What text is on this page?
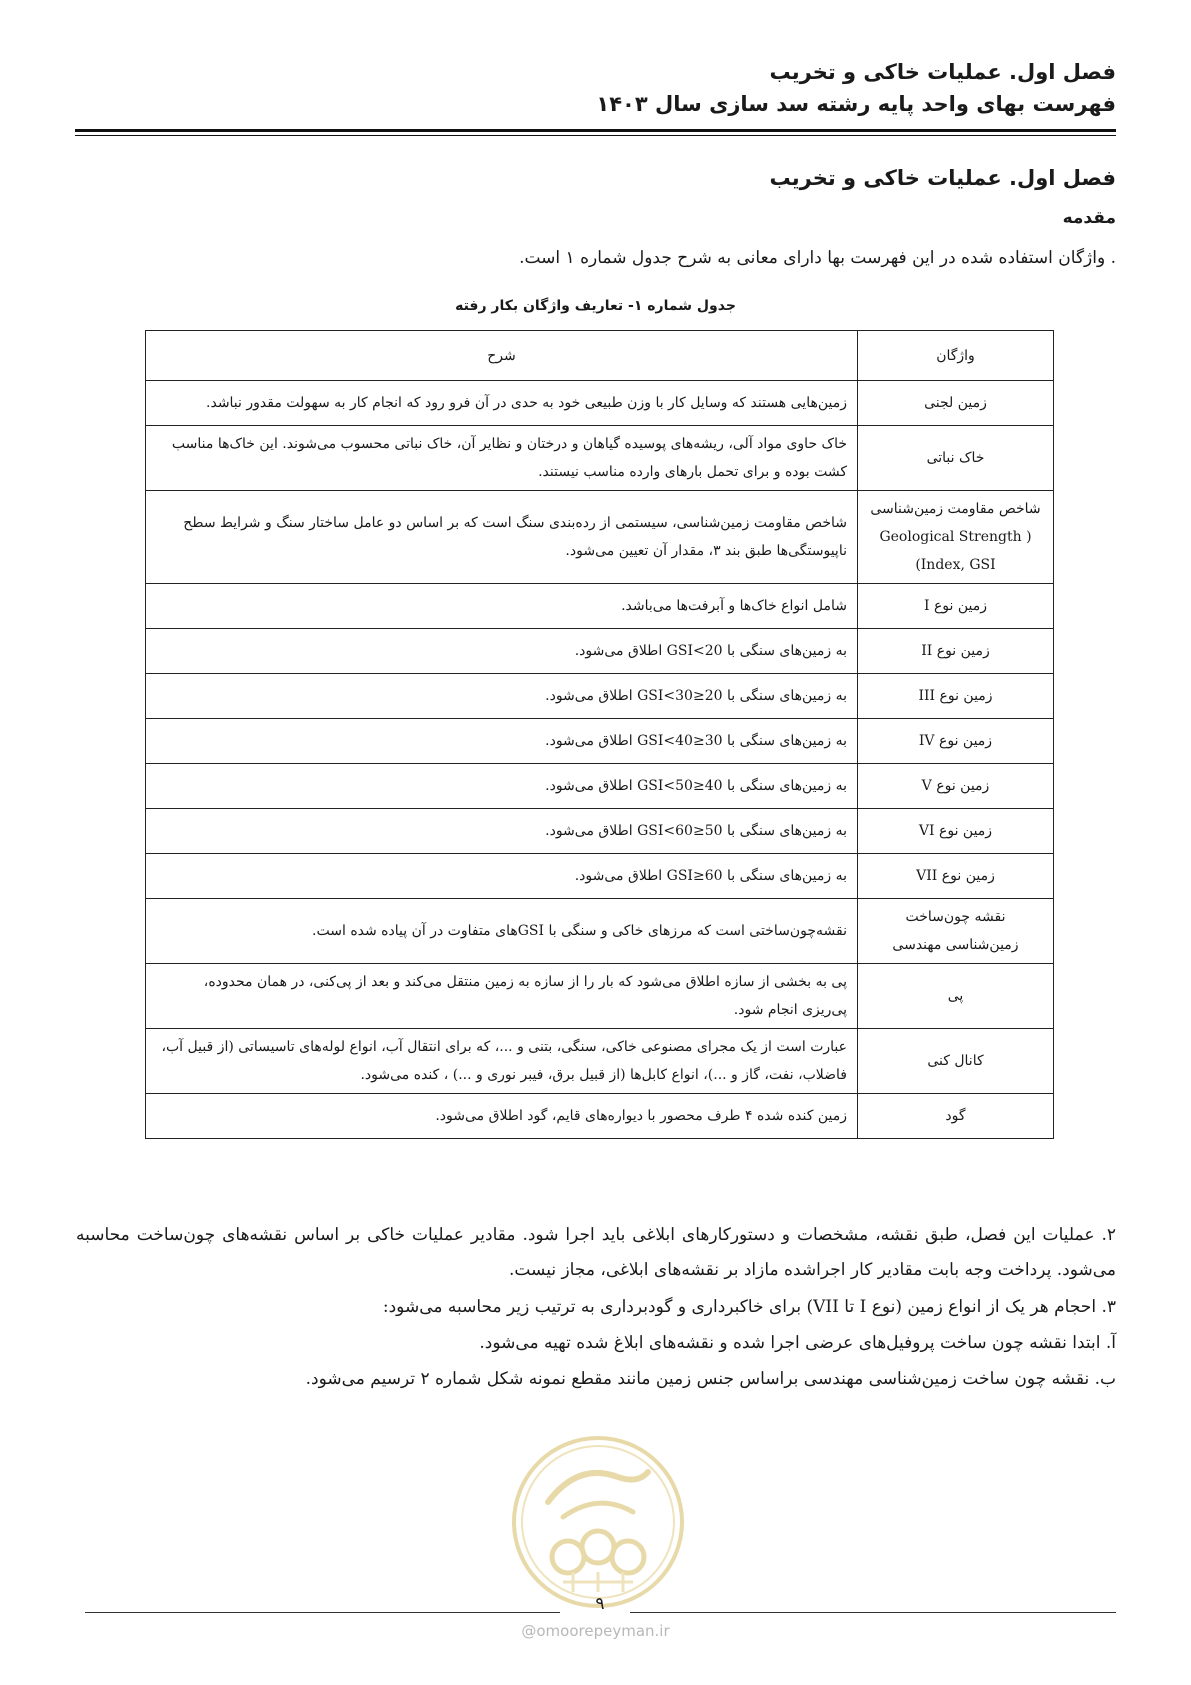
فصل اول. عملیات خاکی و تخریب
فهرست بهای واحد پایه رشته سد سازی سال ۱۴۰۳
فصل اول. عملیات خاکی و تخریب
مقدمه
. واژگان استفاده شده در این فهرست بها دارای معانی به شرح جدول شماره ۱ است.
جدول شماره ۱- تعاریف واژگان بکار رفته
واژگان	شرح
زمین لجنی	زمین‌هایی هستند که وسایل کار با وزن طبیعی خود به حدی در آن فرو رود که انجام کار به سهولت مقدور نباشد.
خاک نباتی	خاک حاوی مواد آلی، ریشه‌های پوسیده گیاهان و درختان و نظایر آن، خاک نباتی محسوب می‌شوند. این خاک‌ها مناسب کشت بوده و برای تحمل بارهای وارده مناسب نیستند.
شاخص مقاومت زمین‌شناسی ( Geological Strength Index, GSI)	شاخص مقاومت زمین‌شناسی، سیستمی از رده‌بندی سنگ است که بر اساس دو عامل ساختار سنگ و شرایط سطح ناپیوستگی‌ها طبق بند ۳، مقدار آن تعیین می‌شود.
زمین نوع I	شامل انواع خاک‌ها و آبرفت‌ها می‌باشد.
زمین نوع II	به زمین‌های سنگی با GSI<20 اطلاق می‌شود.
زمین نوع III	به زمین‌های سنگی با 20≤GSI<30 اطلاق می‌شود.
زمین نوع IV	به زمین‌های سنگی با 30≤GSI<40 اطلاق می‌شود.
زمین نوع V	به زمین‌های سنگی با 40≤GSI<50 اطلاق می‌شود.
زمین نوع VI	به زمین‌های سنگی با 50≤GSI<60 اطلاق می‌شود.
زمین نوع VII	به زمین‌های سنگی با 60≤GSI اطلاق می‌شود.
نقشه چون‌ساخت زمین‌شناسی مهندسی	نقشه‌چون‌ساختی است که مرزهای خاکی و سنگی با GSIهای متفاوت در آن پیاده شده است.
پی	پی به بخشی از سازه اطلاق می‌شود که بار را از سازه به زمین منتقل می‌کند و بعد از پی‌کنی، در همان محدوده، پی‌ریزی انجام شود.
کانال کنی	عبارت است از یک مجرای مصنوعی خاکی، سنگی، بتنی و ...، که برای انتقال آب، انواع لوله‌های تاسیساتی (از قبیل آب، فاضلاب، نفت، گاز و ...)، انواع کابل‌ها (از قبیل برق، فیبر نوری و ...) ، کنده می‌شود.
گود	زمین کنده شده ۴ طرف محصور با دیواره‌های قایم، گود اطلاق می‌شود.
۲. عملیات این فصل، طبق نقشه، مشخصات و دستورکارهای ابلاغی باید اجرا شود. مقادیر عملیات خاکی بر اساس نقشه‌های چون‌ساخت محاسبه می‌شود. پرداخت وجه بابت مقادیر کار اجراشده مازاد بر نقشه‌های ابلاغی، مجاز نیست.
۳. احجام هر یک از انواع زمین (نوع I تا VII) برای خاکبرداری و گودبرداری به ترتیب زیر محاسبه می‌شود:
آ. ابتدا نقشه چون ساخت پروفیل‌های عرضی اجرا شده و نقشه‌های ابلاغ شده تهیه می‌شود.
ب. نقشه چون ساخت زمین‌شناسی مهندسی براساس جنس زمین مانند مقطع نمونه شکل شماره ۲ ترسیم می‌شود.
۹
@omoorepeyman.ir
